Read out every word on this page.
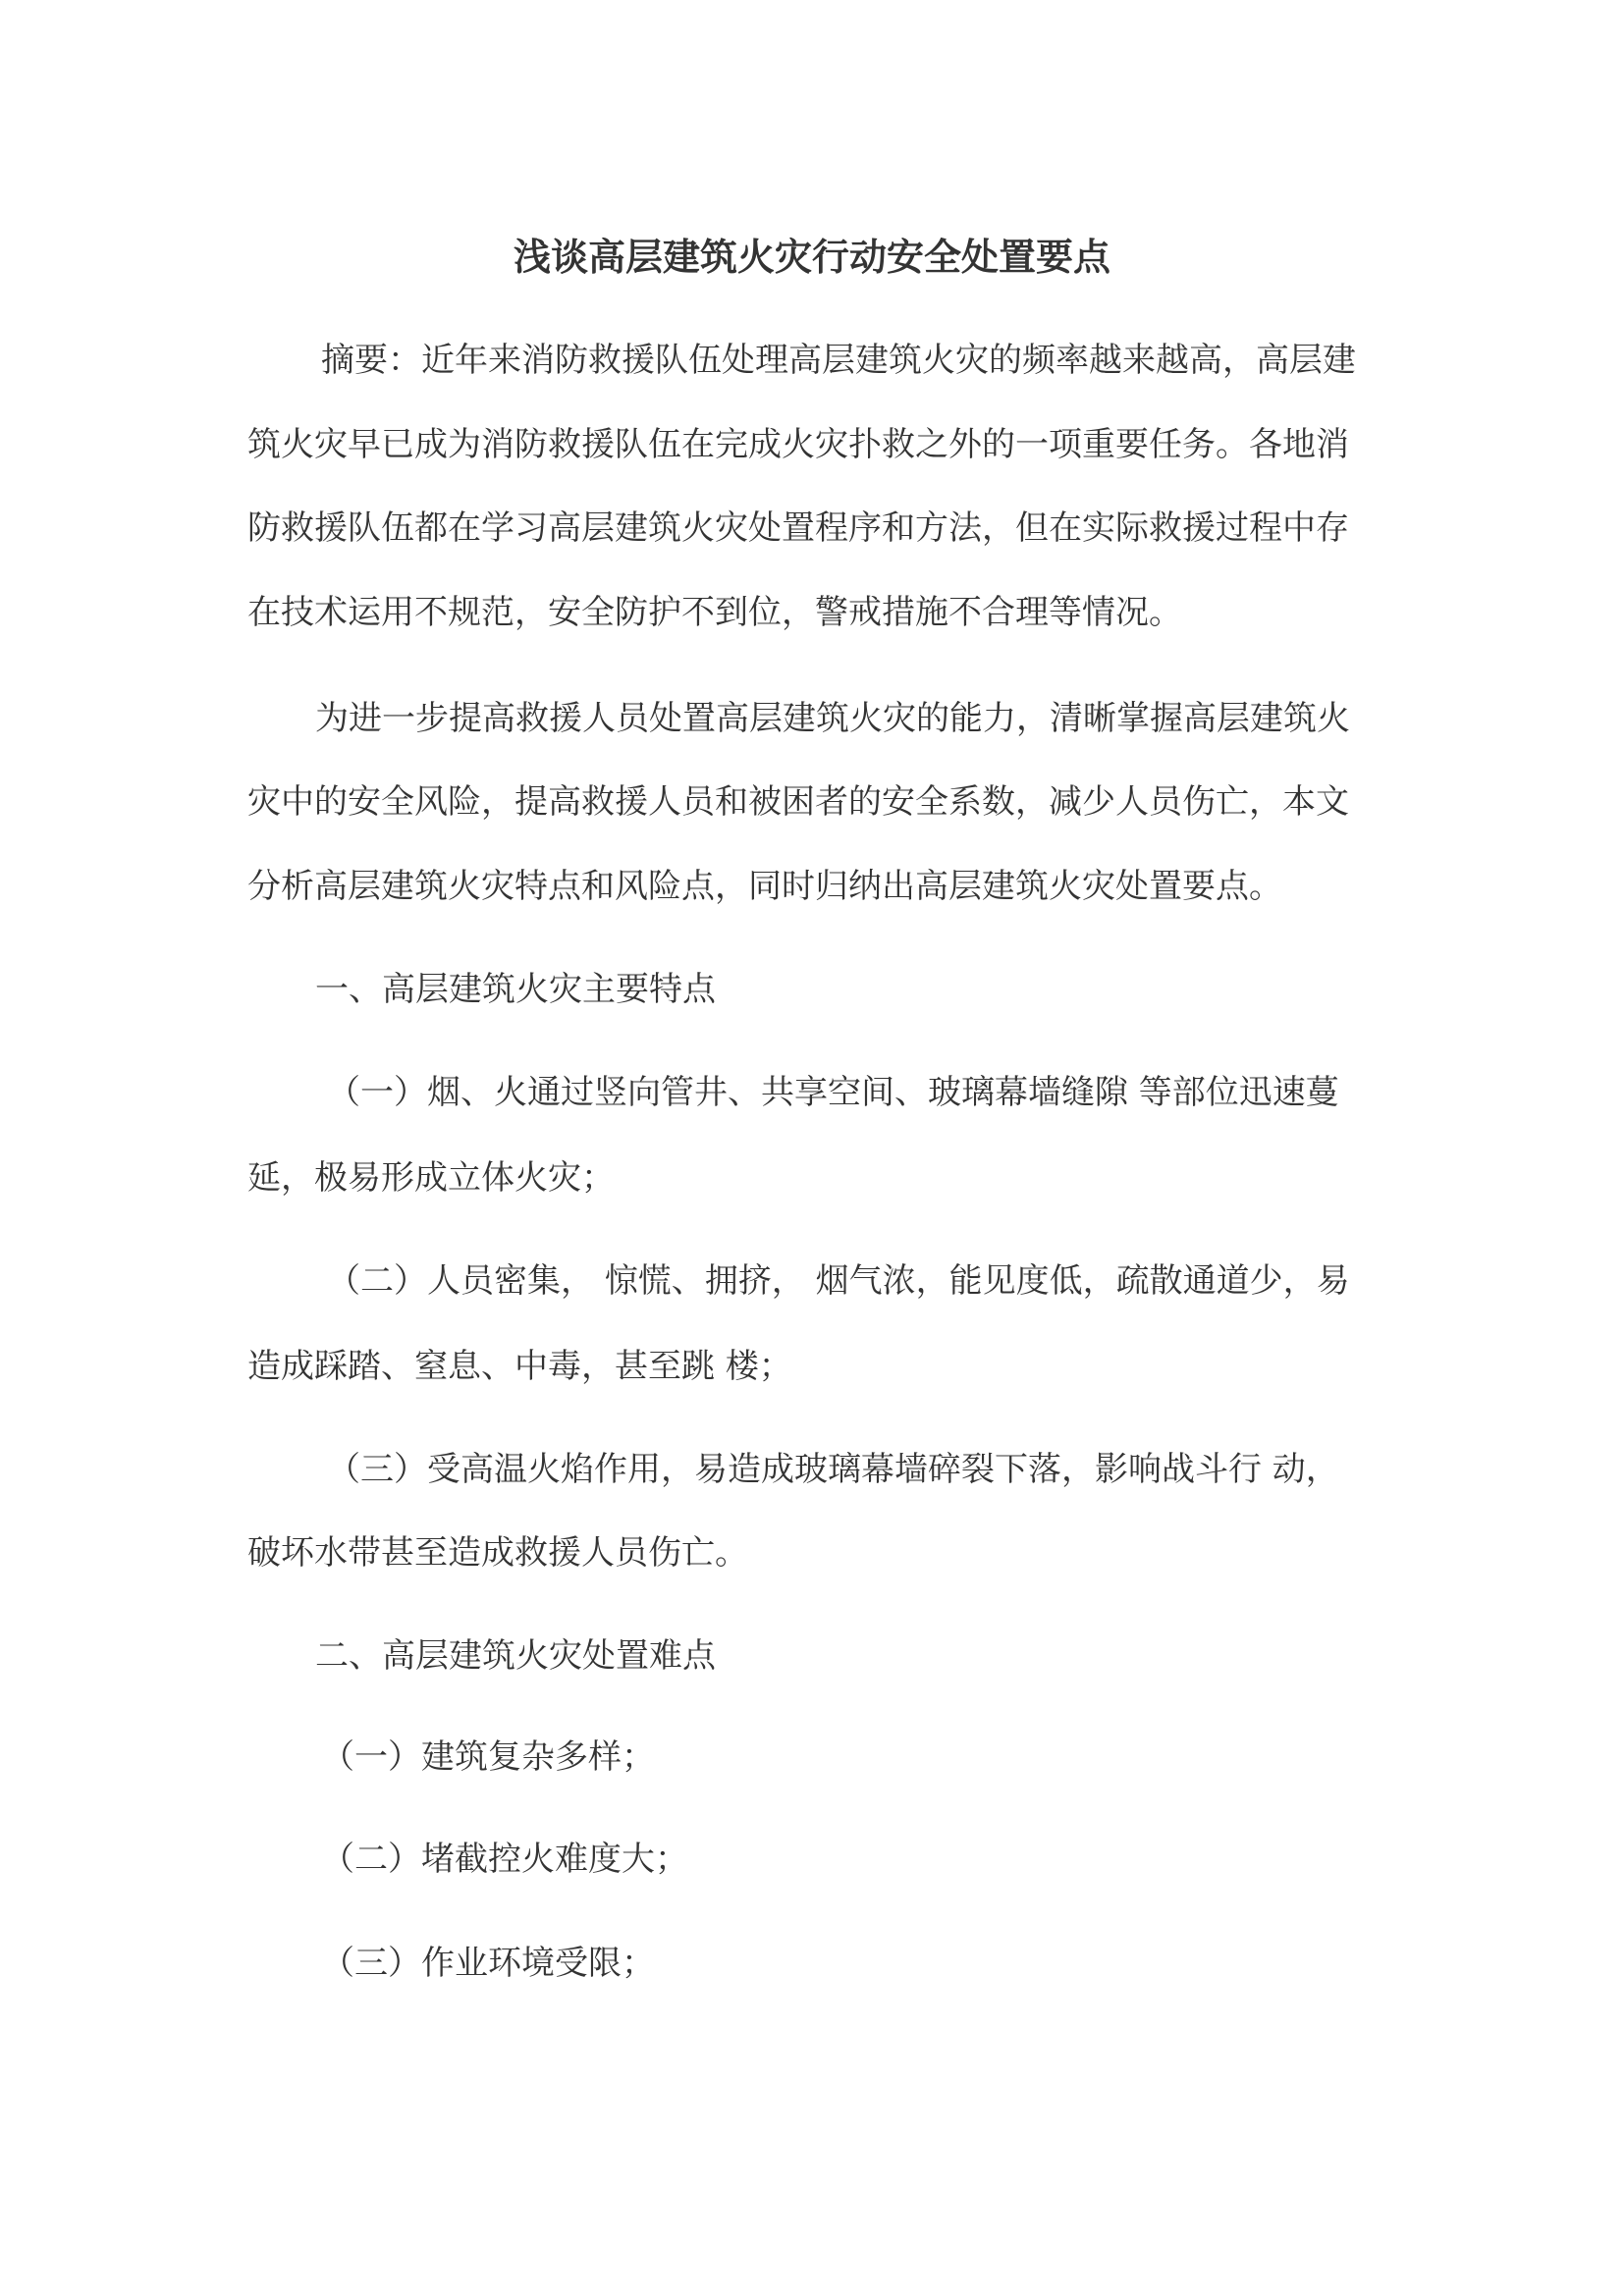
浅谈高层建筑火灾行动安全处置要点
摘要：近年来消防救援队伍处理高层建筑火灾的频率越来越高，高层建
筑火灾早已成为消防救援队伍在完成火灾扑救之外的一项重要任务。各地消
防救援队伍都在学习高层建筑火灾处置程序和方法，但在实际救援过程中存
在技术运用不规范，安全防护不到位，警戒措施不合理等情况。
为进一步提高救援人员处置高层建筑火灾的能力，清晰掌握高层建筑火
灾中的安全风险，提高救援人员和被困者的安全系数，减少人员伤亡，本文
分析高层建筑火灾特点和风险点，同时归纳出高层建筑火灾处置要点。
一、高层建筑火灾主要特点
（一）烟、火通过竖向管井、共享空间、玻璃幕墙缝隙 等部位迅速蔓
延，极易形成立体火灾；
（二）人员密集， 惊慌、拥挤， 烟气浓，能见度低，疏散通道少，易
造成踩踏、窒息、中毒，甚至跳 楼；
（三）受高温火焰作用，易造成玻璃幕墙碎裂下落，影响战斗行 动，
破坏水带甚至造成救援人员伤亡。
二、高层建筑火灾处置难点
（一）建筑复杂多样；
（二）堵截控火难度大；
（三）作业环境受限；
